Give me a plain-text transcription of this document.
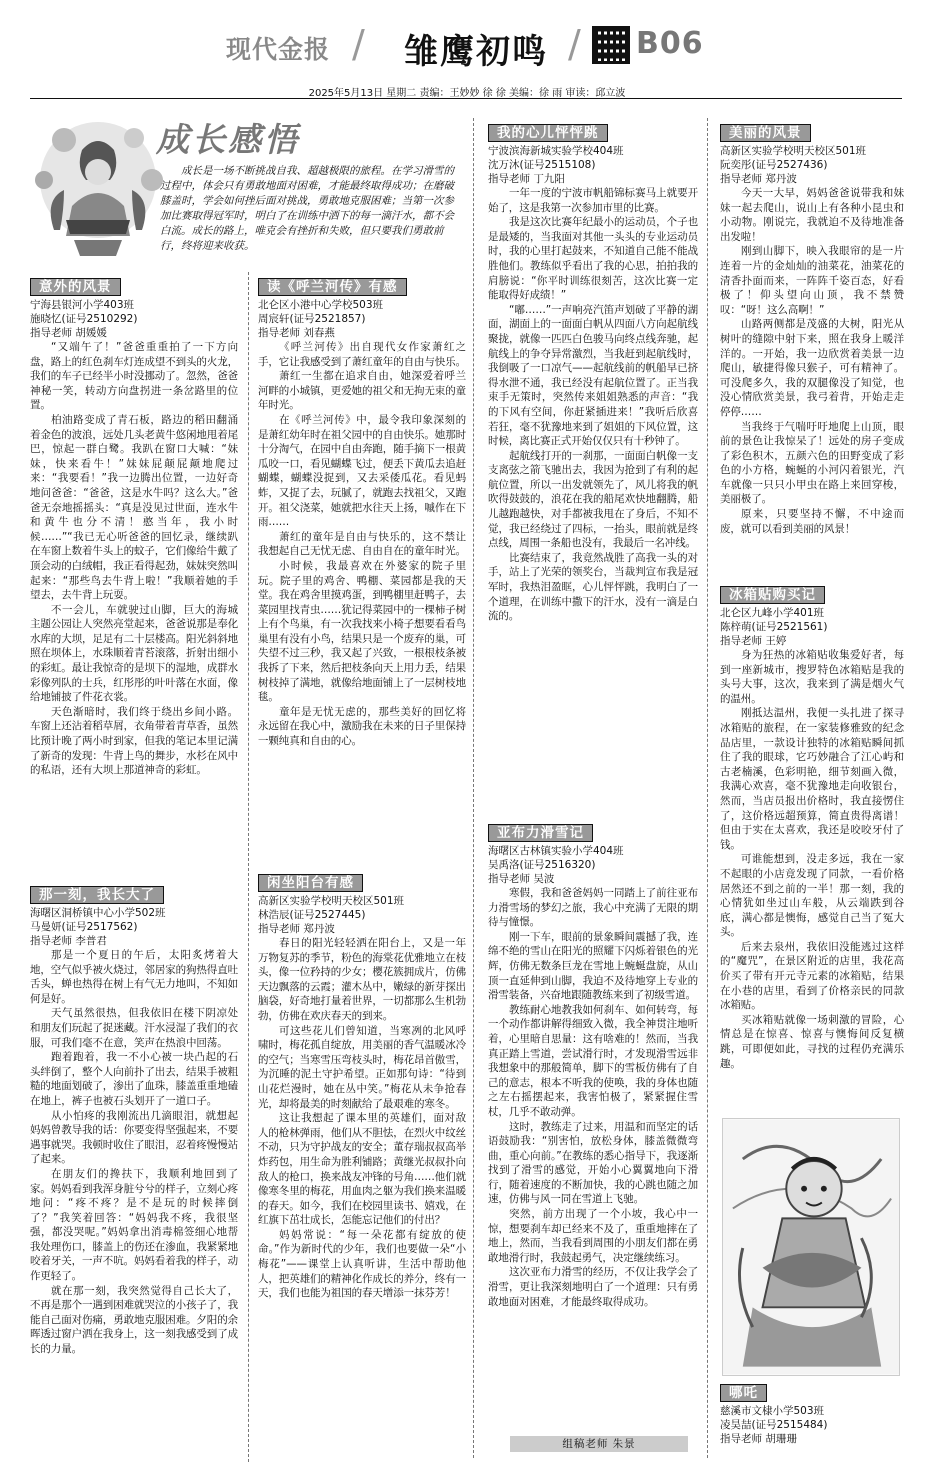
现代金报 / 雏鹰初鸣 / B06
2025年5月13日 星期二 责编：王妙妙 徐 徐 美编：徐 雨 审读：邱立波
成长感悟
成长是一场不断挑战自我、超越极限的旅程。在学习滑雪的过程中，体会只有勇敢地面对困难，才能最终取得成功；在磨破膝盖时，学会如何挫后面对挑战，勇敢地克服困难；当第一次参加比赛取得冠军时，明白了在训练中洒下的每一滴汗水，都不会白流。成长的路上，唯克会有挫折和失败，但只要我们勇敢前行，终将迎来收获。
意外的风景
宁海县银河小学403班
施晓忆(证号2510292)
指导老师 胡媛媛

“又端午了！”爸爸重重拍了一下方向盘，路上的红色刹车灯连成望不到头的火龙，我们的车子已经半小时没挪动了。忽然，爸爸神秘一笑，转动方向盘拐进一条岔路里的位置。

柏油路变成了青石板，路边的稻田翻涌着金色的波浪，远处几头老黄牛悠闲地甩着尾巴，惊起一群白鹭。我趴在窗口大喊：“妹妹，快来看牛！”妹妹屁颠屁颠地爬过来：“我要看！”我一边腾出位置，一边好奇地问爸爸：“爸爸，这是水牛吗？这么大。”爸爸无奈地摇摇头：“真是没见过世面，连水牛和黄牛也分不清！憨当年，我小时候……”“我已无心听爸爸的回忆录，继续趴在车窗上数着牛头上的蚊子，它们像给牛戴了顶会动的白绒帽，我正看得起劲，妹妹突然叫起来：“那些鸟去牛背上啦！”我顺着她的手望去，去牛背上玩耍。

不一会儿，车就驶过山脚，巨大的海城主题公园让人突然亮堂起来，爸爸说那是奉化水库的大坝，足足有二十层楼高。阳光斜斜地照在坝体上，水珠顺着青苔滚落，折射出细小的彩虹。最让我惊奇的是坝下的湿地，成群水彩像列队的士兵，红彤彤的叶叶落在水面，像给地铺披了件花衣裳。

天色渐暗时，我们终于绕出乡间小路。车窗上还沾着稻草屑，衣角带着青草香，虽然比预计晚了两小时到家，但我的笔记本里记满了新奇的发现：牛背上鸟的舞步，水杉在风中的私语，还有大坝上那道神奇的彩虹。

那一刻，我长大了
海曙区洞桥镇中心小学502班
马曼妍(证号2517562)
指导老师 李普君

那是一个夏日的午后，太阳炙烤着大地，空气似乎被火烧过，邻居家的狗热得直吐舌头，蝉也热得在树上有气无力地叫，不知如何是好。

天气虽然很热，但我依旧在楼下阴凉处和朋友们玩起了捉迷藏。汗水浸湿了我们的衣服，可我们毫不在意，笑声在热浪中回荡。

跑着跑着，我一不小心被一块凸起的石头绊倒了，整个人向前扑了出去，结果手被粗糙的地面划破了，渗出了血珠，膝盖重重地磕在地上，裤子也被石头划开了一道口子。

从小怕疼的我刚流出几滴眼泪，就想起妈妈曾教导我的话：你要变得坚强起来，不要遇事就哭。我顿时收住了眼泪，忍着疼慢慢站了起来。

在朋友们的搀扶下，我顺利地回到了家。妈妈看到我浑身脏兮兮的样子，立刻心疼地问：“疼不疼？是不是玩的时候摔倒了？”我笑着回答：“妈妈我不疼，我很坚强，都没哭呢。”妈妈拿出消毒棉签细心地帮我处理伤口，膝盖上的伤还在渗血，我紧紧地咬着牙关，一声不吭。妈妈看着我的样子，动作更轻了。

就在那一刻，我突然觉得自己长大了，不再是那个一遇到困难就哭泣的小孩子了，我能自己面对伤痛，勇敢地克服困难。夕阳的余晖透过窗户洒在我身上，这一刻我感受到了成长的力量。

读《呼兰河传》有感
北仑区小港中心学校503班
周宸轩(证号2521857)
指导老师 刘春燕

《呼兰河传》出自现代女作家萧红之手，它让我感受到了萧红童年的自由与快乐。

萧红一生都在追求自由，她深爱着呼兰河畔的小城镇，更爱她的祖父和无拘无束的童年时光。

在《呼兰河传》中，最令我印象深刻的是萧红幼年时在祖父园中的自由快乐。她那时十分淘气，在园中自由奔跑，随手摘下一根黄瓜咬一口，看见蝴蝶飞过，便丢下黄瓜去追赶蝴蝶，蝴蝶没捉到，又去采倭瓜花。看见蚂蚱，又捉了去，玩腻了，就跑去找祖父，又跑开。祖父浇菜，她就把水往天上扬，嘁作在下雨……

萧红的童年是自由与快乐的，这不禁让我想起自己无忧无虑、自由自在的童年时光。

小时候，我最喜欢在外婆家的院子里玩。院子里的鸡舍、鸭棚、菜园都是我的天堂。我在鸡舍里摸鸡蛋，到鸭棚里赶鸭子，去菜园里找青虫……犹记得菜园中的一棵柿子树上有个鸟巢，有一次我找来小椅子想要看看鸟巢里有没有小鸟，结果只是一个废弃的巢，可失望不过三秒，我又起了兴致，一根根枝条被我拆了下来，然后把枝条向天上用力丢，结果树枝掉了满地，就像给地面铺上了一层树枝地毯。

童年是无忧无虑的，那些美好的回忆将永远留在我心中，激励我在未来的日子里保持一颗纯真和自由的心。

闲坐阳台有感
高新区实验学校明天校区501班
林浩辰(证号2527445)
指导老师 郑丹波

春日的阳光轻轻洒在阳台上，又是一年万物复苏的季节，粉色的海棠花优雅地立在枝头，像一位矜持的少女；樱花簇拥成片，仿佛天边飘落的云霞；灌木丛中，嫩绿的新芽探出脑袋，好奇地打量着世界，一切都那么生机勃勃，仿佛在欢庆春天的到来。

可这些花儿们曾知道，当寒冽的北风呼啸时，梅花孤自绽放，用美丽的香气温暖冰冷的空气；当寒雪压弯枝头时，梅花昂首傲雪，为沉睡的泥土守护希望。正如那句诗：“待到山花烂漫时，她在丛中笑。”梅花从未争抢春光，却将最美的时刻献给了最艰难的寒冬。

这让我想起了课本里的英雄们，面对敌人的枪林弹雨，他们从不胆怯，在烈火中纹丝不动，只为守护战友的安全；董存瑞叔叔高举炸药包，用生命为胜利铺路；黄继光叔叔扑向敌人的枪口，换来战友冲锋的号角……他们就像寒冬里的梅花，用血肉之躯为我们换来温暖的春天。如今，我们在校园里读书、嬉戏，在红旗下茁壮成长，怎能忘记他们的付出？

妈妈常说：“每一朵花都有绽放的使命。”作为新时代的少年，我们也要做一朵“小梅花”——课堂上认真听讲，生活中帮助他人，把英雄们的精神化作成长的养分，终有一天，我们也能为祖国的春天增添一抹芬芳！

我的心儿怦怦跳
宁波滨海新城实验学校404班
沈万沐(证号2515108)
指导老师 丁九阳

一年一度的宁波市帆船锦标赛马上就要开始了，这是我第一次参加市里的比赛。

我是这次比赛年纪最小的运动员，个子也是最矮的，当我面对其他一头头的专业运动员时，我的心里打起鼓来，不知道自己能不能战胜他们。教练似乎看出了我的心思，拍拍我的肩膀说：“你平时训练很刻苦，这次比赛一定能取得好成绩！”

“嘟……”一声响亮汽笛声划破了平静的湖面，湖面上的一面面白帆从四面八方向起航线聚拢，就像一匹匹白色骏马向终点线奔驰，起航线上的争夺异常激烈，当我赶到起航线时，我倒吸了一口凉气——起航线前的帆船早已挤得水泄不通，我已经没有起航位置了。正当我束手无策时，突然传来姐姐熟悉的声音：“我的下风有空间，你赶紧插进来！”我听后欣喜若狂，毫不犹豫地来到了姐姐的下风位置，这时候，离比赛正式开始仅仅只有十秒钟了。

起航线打开的一刹那，一面面白帆像一支支离弦之箭飞驰出去，我因为抢到了有利的起航位置，所以一出发就领先了，风儿将我的帆吹得鼓鼓的，浪花在我的船尾欢快地翻腾，船儿越跑越快，对手都被我甩在了身后，不知不觉，我已经绕过了四标，一抬头，眼前就是终点线，周围一条船也没有，我最后一名冲线。

比赛结束了，我竟然战胜了高我一头的对手，站上了光荣的领奖台，当裁判宣布我是冠军时，我热泪盈眶，心儿怦怦跳，我明白了一个道理，在训练中撒下的汗水，没有一滴是白流的。

亚布力滑雪记
海曙区古林镇实验小学404班
吴禹洛(证号2516320)
指导老师 吴波

寒假，我和爸爸妈妈一同踏上了前往亚布力滑雪场的梦幻之旅，我心中充满了无限的期待与憧憬。

刚一下车，眼前的景象瞬间震撼了我，连绵不绝的雪山在阳光的照耀下闪烁着银色的光辉，仿佛无数条巨龙在雪地上蜿蜒盘旋，从山顶一直延伸到山脚，我迫不及待地穿上专业的滑雪装备，兴奋地跟随教练来到了初级雪道。

教练耐心地教我如何刹车、如何转弯，每一个动作都讲解得细致入微，我全神贯注地听着，心里暗自思量：这有啥难的！然而，当我真正踏上雪道，尝试滑行时，才发现滑雪远非我想象中的那般简单，脚下的雪板仿佛有了自己的意志，根本不听我的使唤，我的身体也随之左右摇摆起来，我害怕极了，紧紧握住雪杖，几乎不敢动弹。

这时，教练走了过来，用温和而坚定的话语鼓励我：“别害怕，放松身体，膝盖微微弯曲，重心向前。”在教练的悉心指导下，我逐渐找到了滑雪的感觉，开始小心翼翼地向下滑行，随着速度的不断加快，我的心跳也随之加速，仿佛与风一同在雪道上飞驰。

突然，前方出现了一个小坡，我心中一惊，想要刹车却已经来不及了，重重地摔在了地上，然而，当我看到周围的小朋友们都在勇敢地滑行时，我鼓起勇气，决定继续练习。

这次亚布力滑雪的经历，不仅让我学会了滑雪，更让我深刻地明白了一个道理：只有勇敢地面对困难，才能最终取得成功。

组稿老师 朱景
美丽的风景
高新区实验学校明天校区501班
阮奕彤(证号2527436)
指导老师 郑丹波

今天一大早，妈妈爸爸说带我和妹妹一起去爬山，说山上有各种小昆虫和小动物。刚说完，我就迫不及待地准备出发啦！

刚到山脚下，映入我眼帘的是一片连着一片的金灿灿的油菜花，油菜花的清香扑面而来，一阵阵千姿百态，好看极了！仰头望向山顶，我不禁赞叹：“呀！这么高啊！”

山路两侧都是茂盛的大树，阳光从树叶的缝隙中射下来，照在我身上暖洋洋的。一开始，我一边欣赏着美景一边爬山，敏捷得像只猴子，可有精神了。可没爬多久，我的双腿像没了知觉，也没心情欣赏美景，我弓着背，开始走走停停……

当我终于气喘吁吁地爬上山顶，眼前的景色让我惊呆了！远处的房子变成了彩色积木，五颜六色的田野变成了彩色的小方格，蜿蜒的小河闪着银光，汽车就像一只只小甲虫在路上来回穿梭，美丽极了。

原来，只要坚持不懈，不中途而废，就可以看到美丽的风景！

冰箱贴购买记
北仑区九峰小学401班
陈梓萌(证号2521561)
指导老师 王婷

身为狂热的冰箱贴收集爱好者，每到一座新城市，搜罗特色冰箱贴是我的头号大事，这次，我来到了满是烟火气的温州。

刚抵达温州，我便一头扎进了探寻冰箱贴的旅程，在一家装修雅致的纪念品店里，一款设计独特的冰箱贴瞬间抓住了我的眼球，它巧妙融合了江心屿和古老楠溪，色彩明艳，细节刻画入微，我满心欢喜，毫不犹豫地走向收银台，然而，当店员报出价格时，我直接愣住了，这价格远超预算，简直贵得离谱！但由于实在太喜欢，我还是咬咬牙付了钱。

可谁能想到，没走多远，我在一家不起眼的小店竟发现了同款，一看价格居然还不到之前的一半！那一刻，我的心情犹如坐过山车般，从云端跌到谷底，满心都是懊悔，感觉自己当了冤大头。

后来去泉州，我依旧没能逃过这样的“魔咒”，在景区附近的店里，我花高价买了带有开元寺元素的冰箱贴，结果在小巷的店里，看到了价格亲民的同款冰箱贴。

买冰箱贴就像一场刺激的冒险，心情总是在惊喜、惊喜与懊悔间反复横跳，可即便如此，寻找的过程仍充满乐趣。

哪吒
慈溪市文棣小学503班
凌昊喆(证号2515484)
指导老师 胡珊珊
